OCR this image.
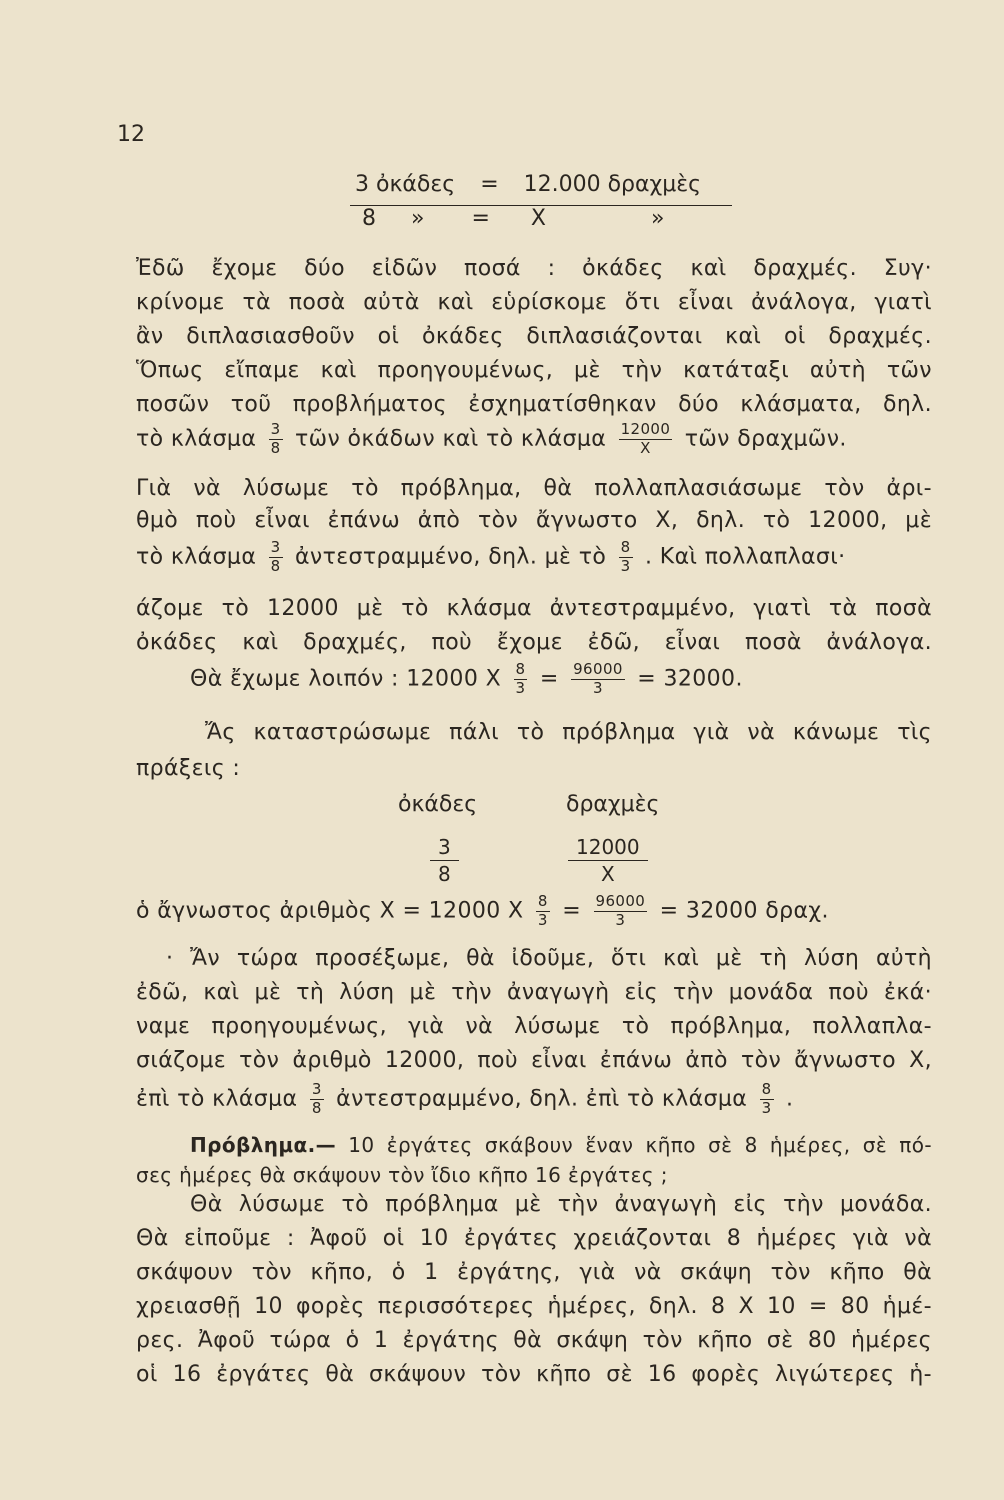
12
3 ὀκάδες = 12.000 δραχμὲς
8 » = X	»
Ἐδῶ ἔχομε δύο εἰδῶν ποσά : ὀκάδες καὶ δραχμές. Συγ·
κρίνομε τὰ ποσὰ αὐτὰ καὶ εὑρίσκομε ὅτι εἶναι ἀνάλογα, γιατὶ
ἂν διπλασιασθοῦν οἱ ὀκάδες διπλασιάζονται καὶ οἱ δραχμές.
Ὅπως εἴπαμε καὶ προηγουμένως, μὲ τὴν κατάταξι αὐτὴ τῶν
ποσῶν τοῦ προβλήματος ἐσχηματίσθηκαν δύο κλάσματα, δηλ.
τὸ κλάσμα $\frac{3}{8}$ τῶν ὀκάδων καὶ τὸ κλάσμα $\frac{12000}{X}$ τῶν δραχμῶν.
Γιὰ νὰ λύσωμε τὸ πρόβλημα, θὰ πολλαπλασιάσωμε τὸν ἀρι-
θμὸ ποὺ εἶναι ἐπάνω ἀπὸ τὸν ἄγνωστο X, δηλ. τὸ 12000, μὲ
τὸ κλάσμα $\frac{3}{8}$ ἀντεστραμμένο, δηλ. μὲ τὸ $\frac{8}{3}$ . Καὶ πολλαπλασι·
άζομε τὸ 12000 μὲ τὸ κλάσμα ἀντεστραμμένο, γιατὶ τὰ ποσὰ
ὀκάδες καὶ δραχμές, ποὺ ἔχομε ἐδῶ, εἶναι ποσὰ ἀνάλογα.
Θὰ ἔχωμε λοιπόν : 12000 X $\frac{8}{3} = \frac{96000}{3} = 32000$.
Ἄς καταστρώσωμε πάλι τὸ πρόβλημα γιὰ νὰ κάνωμε τὶς
πράξεις :
ὀκάδες	δραχμὲς
$\frac{3}{8}$	$\frac{12000}{X}$
ὁ ἄγνωστος ἀριθμὸς X = 12000 X $\frac{8}{3} = \frac{96000}{3} = 32000$ δραχ.
· Ἄν τώρα προσέξωμε, θὰ ἰδοῦμε, ὅτι καὶ μὲ τὴ λύση αὐτὴ
ἐδῶ, καὶ μὲ τὴ λύση μὲ τὴν ἀναγωγὴ εἰς τὴν μονάδα ποὺ ἐκά·
ναμε προηγουμένως, γιὰ νὰ λύσωμε τὸ πρόβλημα, πολλαπλα-
σιάζομε τὸν ἀριθμὸ 12000, ποὺ εἶναι ἐπάνω ἀπὸ τὸν ἄγνωστο X,
ἐπὶ τὸ κλάσμα $\frac{3}{8}$ ἀντεστραμμένο, δηλ. ἐπὶ τὸ κλάσμα $\frac{8}{3}$ .
Πρόβλημα.— 10 ἐργάτες σκάβουν ἕναν κῆπο σὲ 8 ἡμέρες, σὲ πό-
σες ἡμέρες θὰ σκάψουν τὸν ἴδιο κῆπο 16 ἐργάτες ;
Θὰ λύσωμε τὸ πρόβλημα μὲ τὴν ἀναγωγὴ εἰς τὴν μονάδα.
Θὰ εἰποῦμε : Ἀφοῦ οἱ 10 ἐργάτες χρειάζονται 8 ἡμέρες γιὰ νὰ
σκάψουν τὸν κῆπο, ὁ 1 ἐργάτης, γιὰ νὰ σκάψη τὸν κῆπο θὰ
χρειασθῇ 10 φορὲς περισσότερες ἡμέρες, δηλ. 8 X 10 = 80 ἡμέ-
ρες. Ἀφοῦ τώρα ὁ 1 ἐργάτης θὰ σκάψη τὸν κῆπο σὲ 80 ἡμέρες
οἱ 16 ἐργάτες θὰ σκάψουν τὸν κῆπο σὲ 16 φορὲς λιγώτερες ἡ-
